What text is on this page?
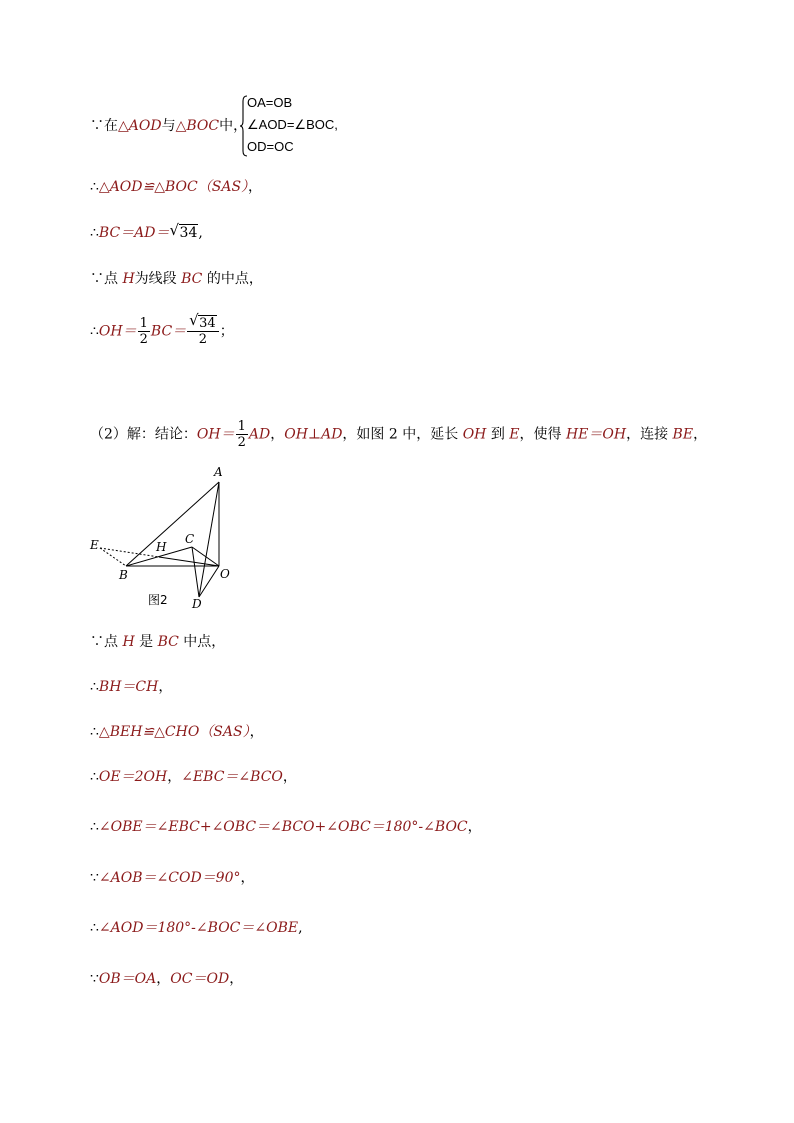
∵在△AOD与△BOC中，
OA=OB
∠AOD=∠BOC,
OD=OC
∴△AOD≌△BOC（SAS），
∴BC＝AD＝ √ 34,
∵点 H为线段 BC 的中点，
∴OH＝ $\frac{1}{2} BC= \frac{√ 34}{2}$ ；
（2）解：结论：$OH= \frac{1}{2}$ AD，OH⊥AD，如图 2 中，延长 OH 到 E，使得 HE＝OH，连接 BE，
A
B
C
D
E	H
O
图2
∵点 H 是 BC 中点，
∴BH＝CH，
∴△BEH≌△CHO（SAS），
∴OE＝2OH，∠EBC＝∠BCO，
∴∠OBE＝∠EBC+∠OBC＝∠BCO+∠OBC＝180°-∠BOC，
∵∠AOB＝∠COD＝90°，
∴∠AOD＝180°-∠BOC＝∠OBE,
∵OB＝OA，OC＝OD，
